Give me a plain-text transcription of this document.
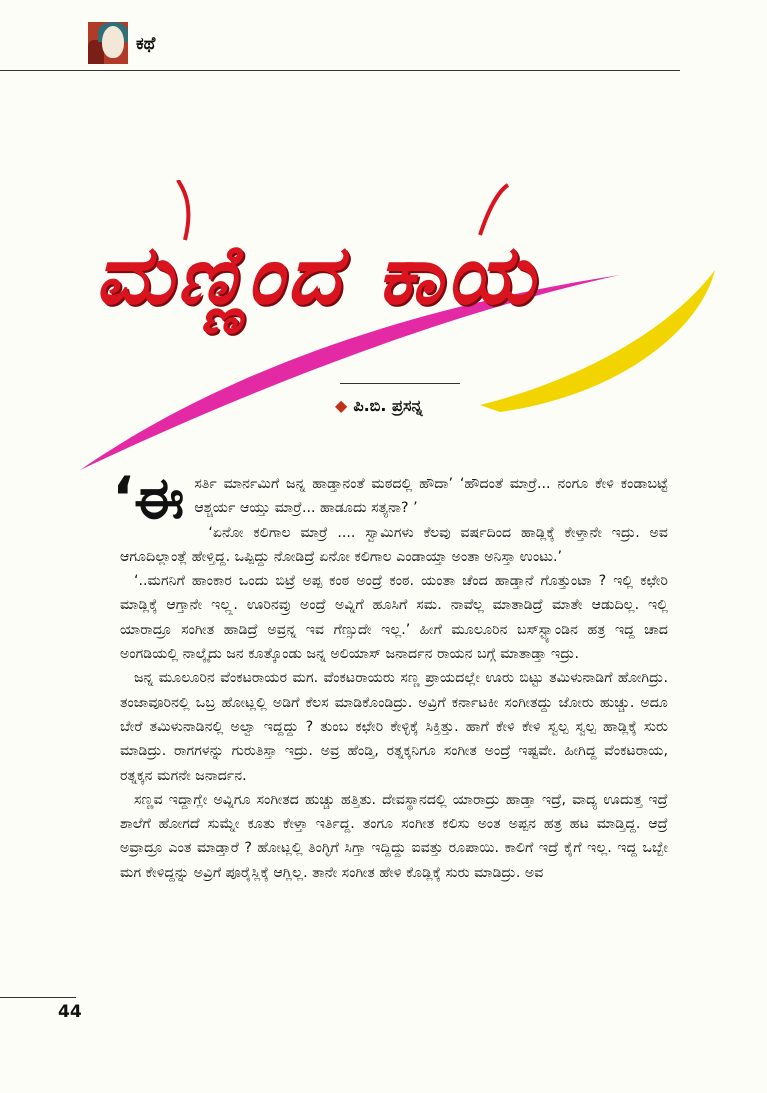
ಕಥೆ
ಮಣ್ಣಿಂದ ಕಾಯ
◆ ಪಿ.ಬಿ. ಪ್ರಸನ್ನ

‘ಈಸರ್ತಿ ಮಾರ್ನಮಿಗೆ ಜನ್ನ ಹಾಡ್ತಾನಂತೆ ಮಠದಲ್ಲಿ ಹೌದಾ’ ‘ಹೌದಂತೆ ಮಾರ್ರೆ... ನಂಗೂ ಕೇಳಿ ಕಂಡಾಬಟ್ಟೆ ಆಶ್ಚರ್ಯ ಆಯ್ತು ಮಾರ್ರೆ... ಹಾಡೂದು ಸತ್ಯನಾ? ’

‘ಏನೋ ಕಲಿಗಾಲ ಮಾರ್ರೆ .... ಸ್ವಾಮಿಗಳು ಕೆಲವು ವರ್ಷದಿಂದ ಹಾಡ್ಲಿಕ್ಕೆ ಕೇಳ್ತಾನೇ ಇದ್ರು. ಅವ ಆಗೂದಿಲ್ಲಾಂತ್ಲೆ ಹೇಳ್ತಿದ್ದ. ಒಪ್ಪಿದ್ದು ನೋಡಿದ್ರೆ ಏನೋ ಕಲಿಗಾಲ ಎಂಡಾಯ್ತಾ ಅಂತಾ ಅನಿಸ್ತಾ ಉಂಟು.’

‘..ಮಗನಿಗೆ ಹಾಂಕಾರ ಒಂದು ಬಿಟ್ರೆ ಅಪ್ಪ ಕಂಠ ಅಂದ್ರೆ ಕಂಠ. ಯಂತಾ ಚೆಂದ ಹಾಡ್ತಾನೆ ಗೊತ್ತುಂಟಾ ? ಇಲ್ಲಿ ಕಛೇರಿ ಮಾಡ್ಲಿಕ್ಕೆ ಆಗ್ತಾನೇ ಇಲ್ಲ್ಲ. ಊರಿನವ್ರು ಅಂದ್ರೆ ಅವ್ನಿಗೆ ಹೂಸಿಗೆ ಸಮ. ನಾವೆಲ್ಲ ಮಾತಾಡಿದ್ರೆ ಮಾತೇ ಆಡುದಿಲ್ಲ. ಇಲ್ಲಿ ಯಾರಾದ್ರೂ ಸಂಗೀತ ಹಾಡಿದ್ರೆ ಅವ್ರನ್ನ ಇವ ಗೆಣ್ಸುದೇ ಇಲ್ಲ.’ ಹೀಗೆ ಮೂಲೂರಿನ ಬಸ್‌ಸ್ಟ್ಯಾಂಡಿನ ಹತ್ರ ಇದ್ದ ಚಾದ ಅಂಗಡಿಯಲ್ಲಿ ನಾಲ್ಕೈದು ಜನ ಕೂತ್ಕೊಂಡು ಜನ್ನ ಅಲಿಯಾಸ್ ಜನಾರ್ದನ ರಾಯನ ಬಗ್ಗೆ ಮಾತಾಡ್ತಾ ಇದ್ರು.

ಜನ್ನ ಮೂಲೂರಿನ ವೆಂಕಟರಾಯರ ಮಗ. ವೆಂಕಟರಾಯರು ಸಣ್ಣ ಪ್ರಾಯದಲ್ಲೇ ಊರು ಬಿಟ್ಟು ತಮಿಳುನಾಡಿಗೆ ಹೋಗಿದ್ರು. ತಂಜಾವೂರಿನಲ್ಲಿ ಒಬ್ರ ಹೋಟ್ಲಲ್ಲಿ ಅಡಿಗೆ ಕೆಲಸ ಮಾಡಿಕೊಂಡಿದ್ರು. ಅವ್ರಿಗೆ ಕರ್ನಾಟಕೀ ಸಂಗೀತದ್ದು ಜೋರು ಹುಚ್ಚು. ಅದೂ ಬೇರೆ ತಮಿಳುನಾಡಿನಲ್ಲಿ ಅಲ್ವಾ ಇದ್ದದ್ದು ? ತುಂಬ ಕಛೇರಿ ಕೇಳ್ಳಿಕ್ಕೆ ಸಿಕ್ತಿತ್ತು. ಹಾಗೆ ಕೇಳಿ ಕೇಳಿ ಸ್ವಲ್ಪ ಸ್ವಲ್ಪ ಹಾಡ್ಲಿಕ್ಕೆ ಸುರು ಮಾಡಿದ್ರು. ರಾಗಗಳನ್ನು ಗುರುತಿಸ್ತಾ ಇದ್ರು. ಅವ್ರ ಹೆಂಡ್ತಿ, ರತ್ನಕ್ಕನಿಗೂ ಸಂಗೀತ ಅಂದ್ರೆ ಇಷ್ಟವೇ. ಹೀಗಿದ್ದ ವೆಂಕಟರಾಯ, ರತ್ನಕ್ಕನ ಮಗನೇ ಜನಾರ್ದನ.

ಸಣ್ಣವ ಇದ್ದಾಗ್ಲೇ ಅವ್ನಿಗೂ ಸಂಗೀತದ ಹುಚ್ಚು ಹತ್ತಿತು. ದೇವಸ್ಥಾನದಲ್ಲಿ ಯಾರಾದ್ರು ಹಾಡ್ತಾ ಇದ್ರೆ, ವಾದ್ಯ ಊದುತ್ತ ಇದ್ರೆ ಶಾಲೆಗೆ ಹೋಗದೆ ಸುಮ್ನೇ ಕೂತು ಕೇಳ್ತಾ ಇರ್ತಿದ್ದ. ತಂಗೂ ಸಂಗೀತ ಕಲಿಸು ಅಂತ ಅಪ್ಪನ ಹತ್ರ ಹಟ ಮಾಡ್ತಿದ್ದ. ಆದ್ರೆ ಅವ್ರಾದ್ರೂ ಎಂತ ಮಾಡ್ತಾರೆ ? ಹೋಟ್ಲಲ್ಲಿ ತಿಂಗ್ಳಿಗೆ ಸಿಗ್ತಾ ಇದ್ದಿದ್ದು ಐವತ್ತು ರೂಪಾಯಿ. ಕಾಲಿಗೆ ಇದ್ರೆ ಕೈಗೆ ಇಲ್ಲ. ಇದ್ದ ಒಬ್ಬೇ ಮಗ ಕೇಳಿದ್ದನ್ನು ಅವ್ರಿಗೆ ಪೂರೈಸ್ಲಿಕ್ಕೆ ಆಗ್ಲಿಲ್ಲ. ತಾನೇ ಸಂಗೀತ ಹೇಳಿ ಕೊಡ್ಲಿಕ್ಕೆ ಸುರು ಮಾಡಿದ್ರು. ಅವ

44
